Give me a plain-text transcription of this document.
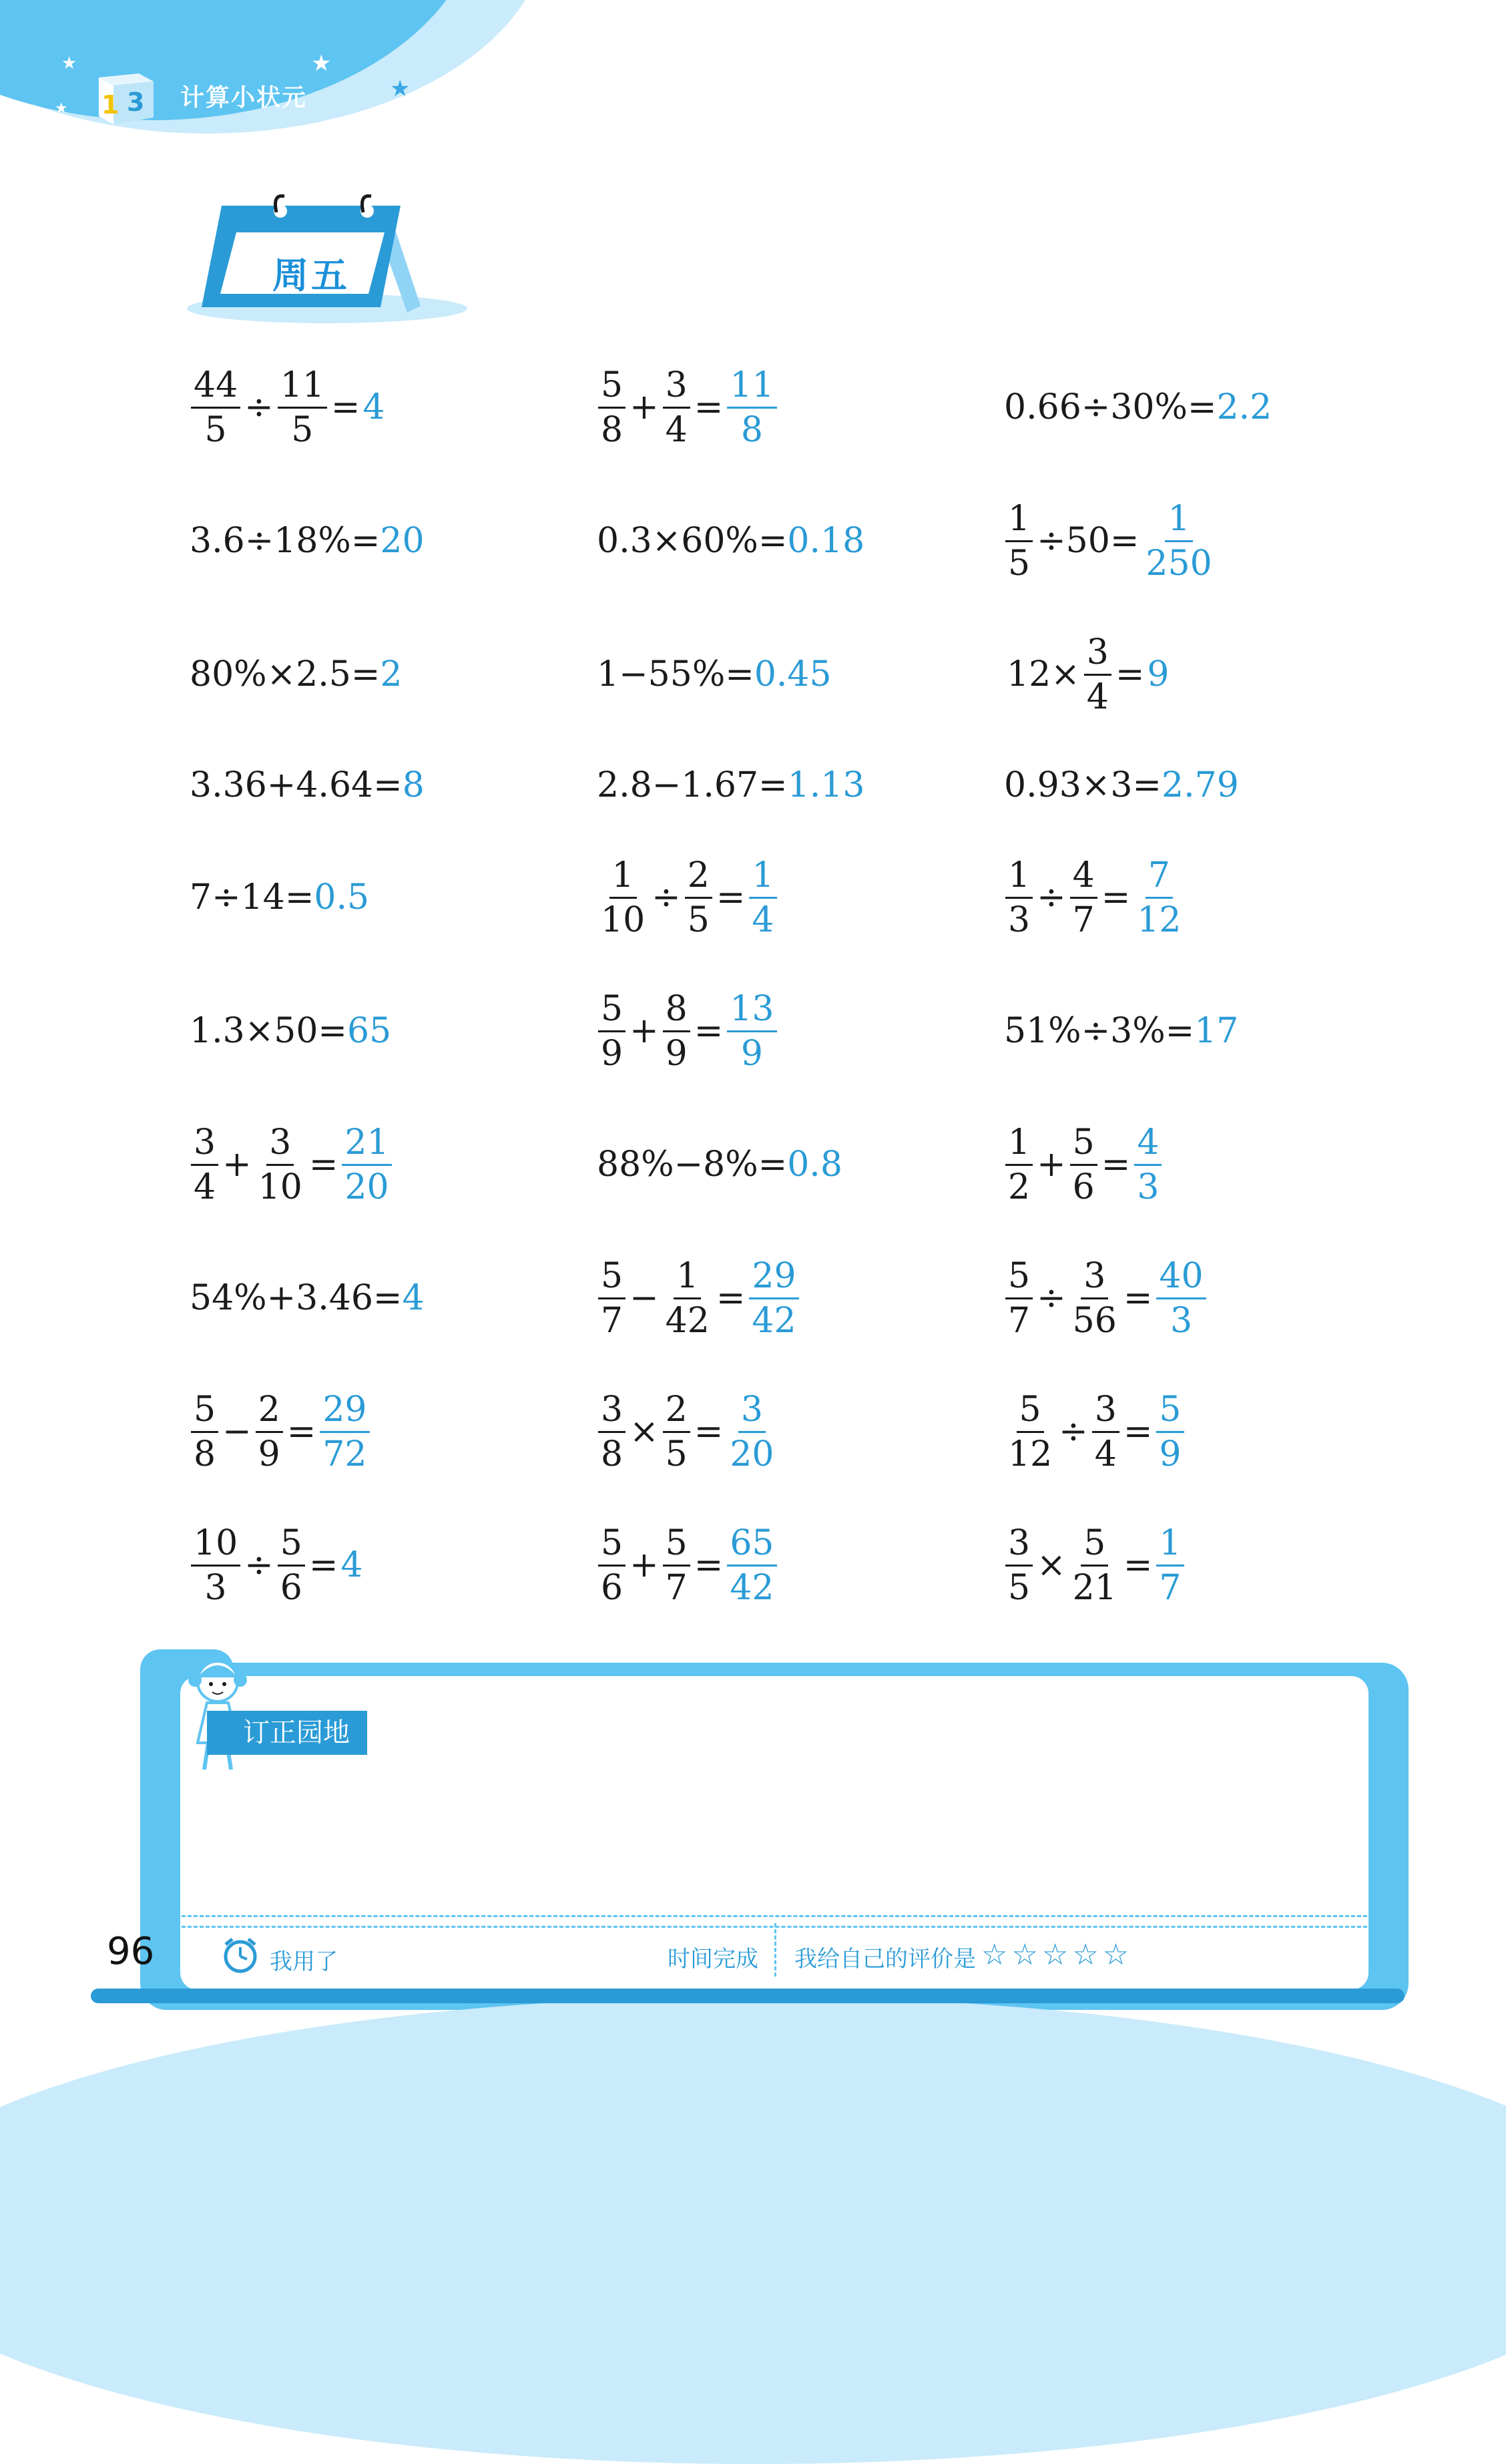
★
★
★
★
1 3 计算小状元
周五
$\frac{44}{5} \div \frac{11}{5} = 4$	$\frac{5}{8} + \frac{3}{4} = \frac{11}{8}$	0.66÷30%= 2.2
3.6÷18%= 20	0.3×60%= 0.18	$\frac{1}{5} \div 50= \frac{1}{250}$
80%×2.5= 2	1−55%= 0.45	$12\times \frac{3}{4} = 9$
3.36+4.64= 8	2.8−1.67= 1.13	0.93×3= 2.79
7÷14= 0.5	$\frac{1}{10} \div \frac{2}{5} = \frac{1}{4}$	$\frac{1}{3} \div \frac{4}{7} = \frac{7}{12}$
1.3×50= 65	$\frac{5}{9} + \frac{8}{9} = \frac{13}{9}$	51%÷3%= 17
$\frac{3}{4} + \frac{3}{10} = \frac{21}{20}$	88%−8%= 0.8	$\frac{1}{2} + \frac{5}{6} = \frac{4}{3}$
54%+3.46= 4	$\frac{5}{7} - \frac{1}{42} = \frac{29}{42}$	$\frac{5}{7} \div \frac{3}{56} = \frac{40}{3}$
$\frac{5}{8} - \frac{2}{9} = \frac{29}{72}$	$\frac{3}{8} \times \frac{2}{5} = \frac{3}{20}$	$\frac{5}{12} \div \frac{3}{4} = \frac{5}{9}$
$\frac{10}{3} \div \frac{5}{6} = 4$	$\frac{5}{6} + \frac{5}{7} = \frac{65}{42}$	$\frac{3}{5} \times \frac{5}{21} = \frac{1}{7}$
订正园地
我用了	时间完成 我给自己的评价是 ☆☆☆☆☆
96
